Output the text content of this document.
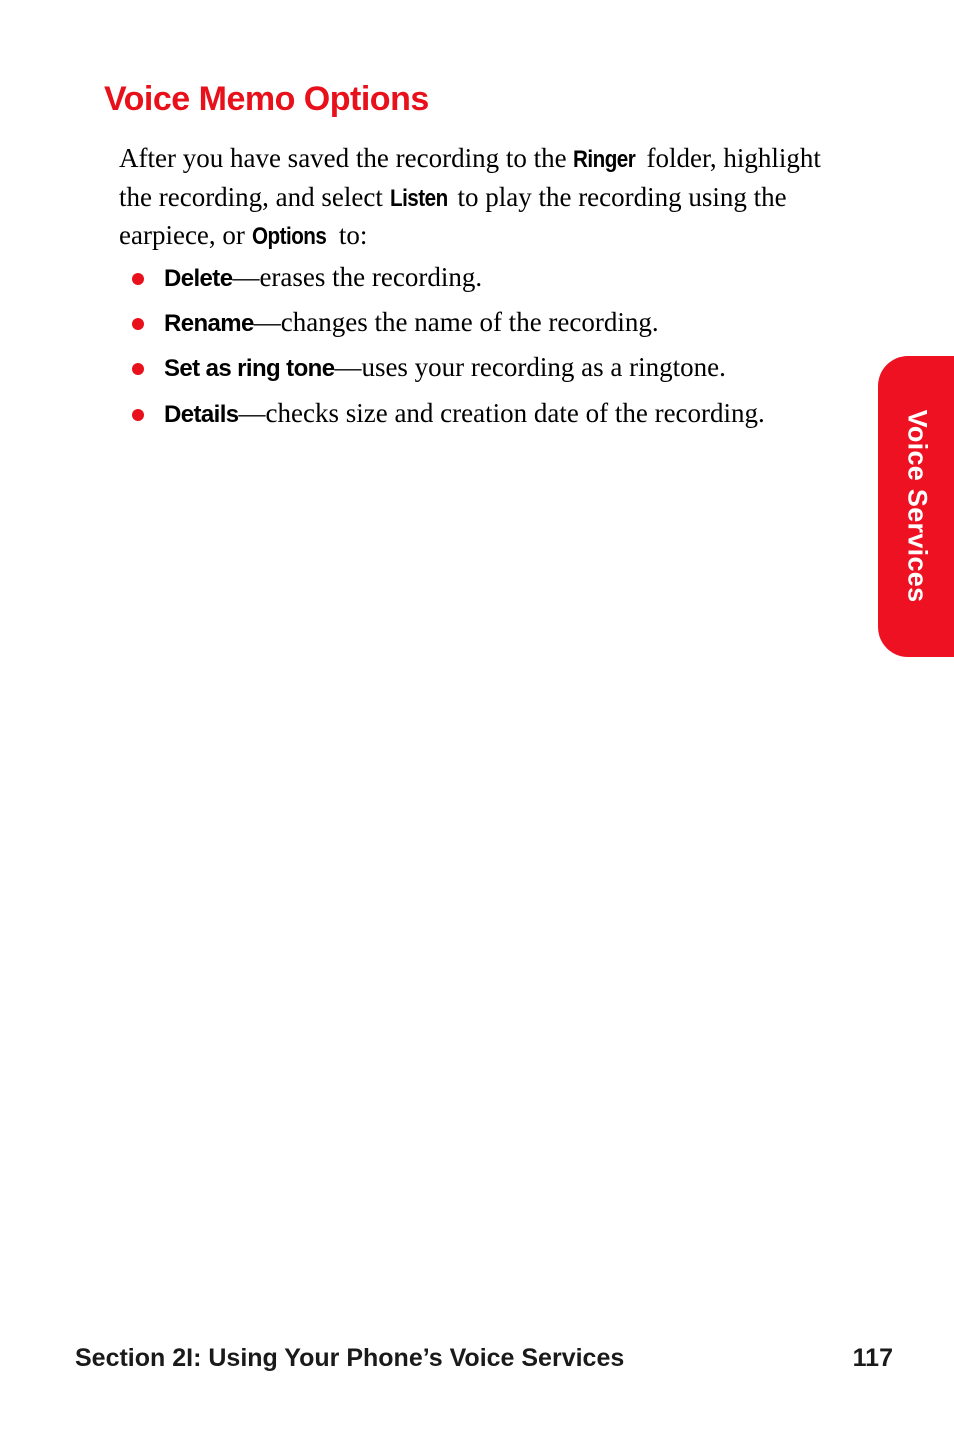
Voice Memo Options

After you have saved the recording to the Ringer folder, highlight the recording, and select Listen to play the recording using the earpiece, or Options to:

Delete—erases the recording.
Rename—changes the name of the recording.
Set as ring tone—uses your recording as a ringtone.
Details—checks size and creation date of the recording.	Voice Services
Section 2I: Using Your Phone’s Voice Services	117
